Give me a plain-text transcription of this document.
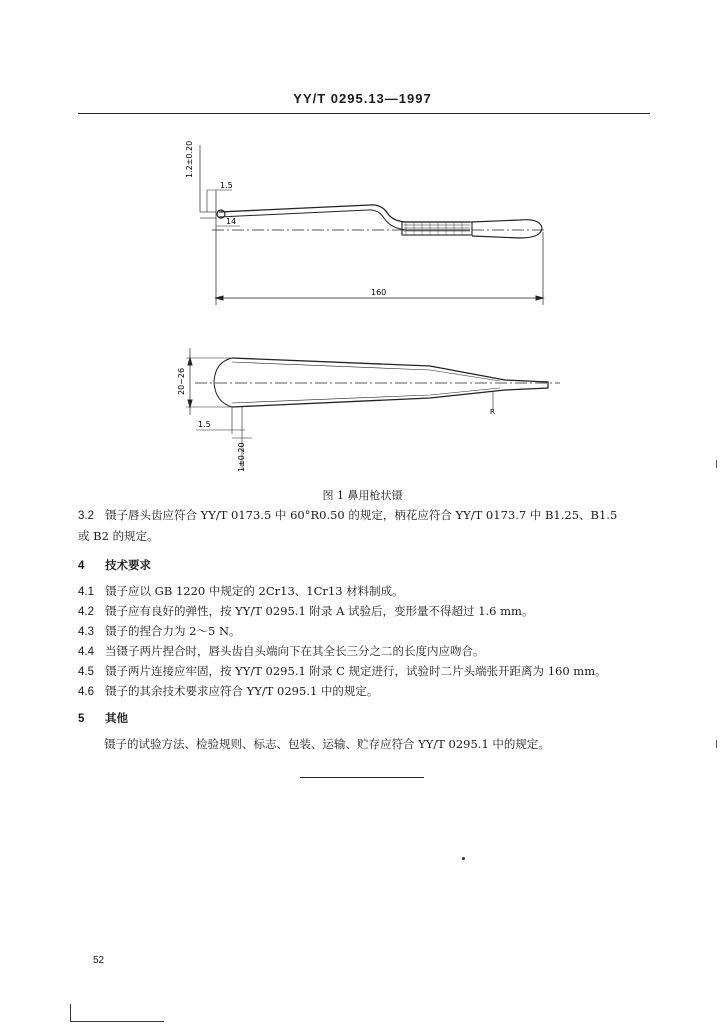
YY/T 0295.13—1997
1.2±0.20
1.5
14
160
20~26
1.5
1±0.20
R
图 1 鼻用枪状镊
3.2 镊子唇头齿应符合 YY/T 0173.5 中 60°R0.50 的规定，柄花应符合 YY/T 0173.7 中 B1.25、B1.5
或 B2 的规定。
4 技术要求
4.1 镊子应以 GB 1220 中规定的 2Cr13、1Cr13 材料制成。
4.2 镊子应有良好的弹性，按 YY/T 0295.1 附录 A 试验后，变形量不得超过 1.6 mm。
4.3 镊子的捏合力为 2～5 N。
4.4 当镊子两片捏合时，唇头齿自头端向下在其全长三分之二的长度内应吻合。
4.5 镊子两片连接应牢固，按 YY/T 0295.1 附录 C 规定进行，试验时二片头端张开距离为 160 mm。
4.6 镊子的其余技术要求应符合 YY/T 0295.1 中的规定。
5 其他
镊子的试验方法、检验规则、标志、包装、运输、贮存应符合 YY/T 0295.1 中的规定。
52
